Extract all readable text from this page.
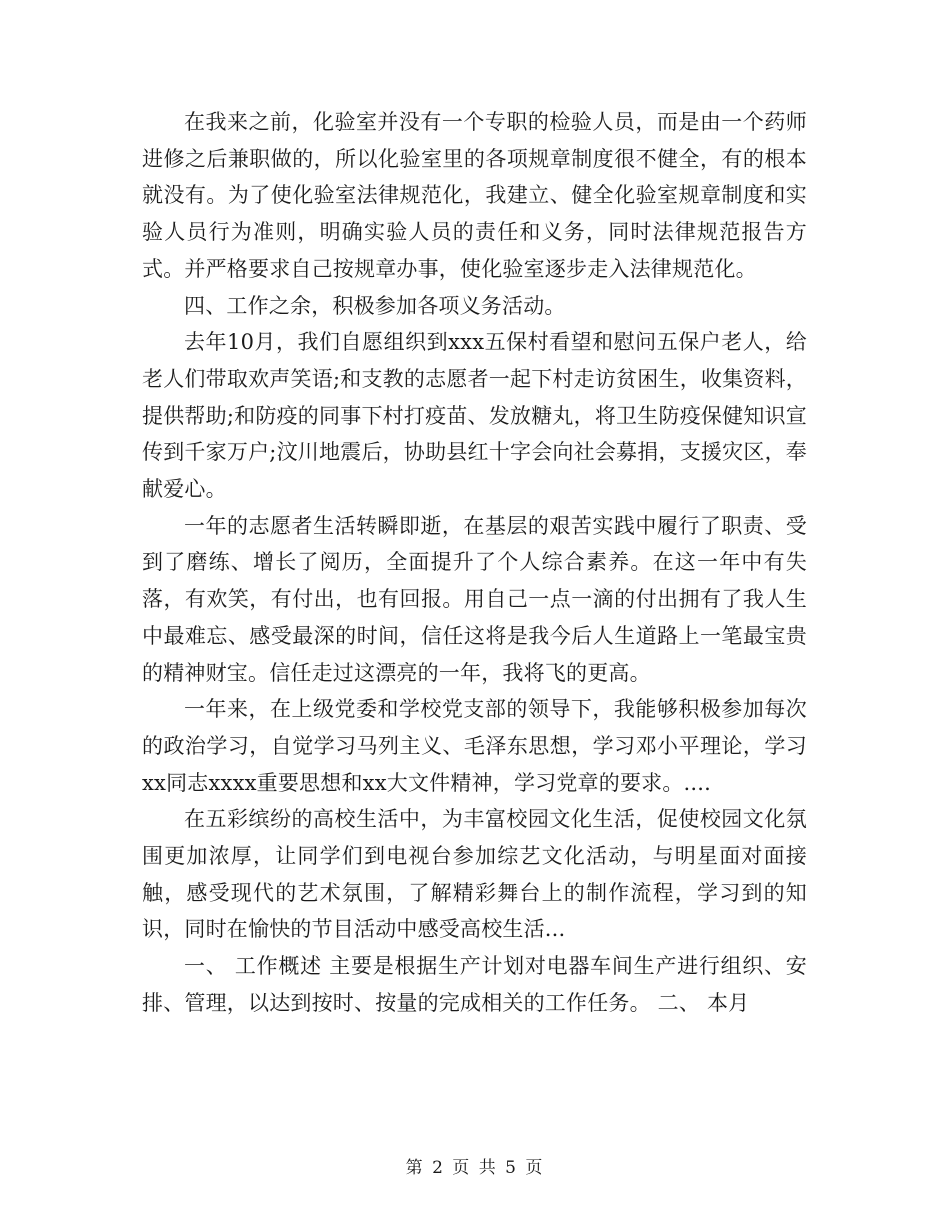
在我来之前，化验室并没有一个专职的检验人员，而是由一个药师进修之后兼职做的，所以化验室里的各项规章制度很不健全，有的根本就没有。为了使化验室法律规范化，我建立、健全化验室规章制度和实验人员行为准则，明确实验人员的责任和义务，同时法律规范报告方式。并严格要求自己按规章办事，使化验室逐步走入法律规范化。

四、工作之余，积极参加各项义务活动。

去年10月，我们自愿组织到xxx五保村看望和慰问五保户老人，给老人们带取欢声笑语;和支教的志愿者一起下村走访贫困生，收集资料，提供帮助;和防疫的同事下村打疫苗、发放糖丸，将卫生防疫保健知识宣传到千家万户;汶川地震后，协助县红十字会向社会募捐，支援灾区，奉献爱心。

一年的志愿者生活转瞬即逝，在基层的艰苦实践中履行了职责、受到了磨练、增长了阅历，全面提升了个人综合素养。在这一年中有失落，有欢笑，有付出，也有回报。用自己一点一滴的付出拥有了我人生中最难忘、感受最深的时间，信任这将是我今后人生道路上一笔最宝贵的精神财宝。信任走过这漂亮的一年，我将飞的更高。

一年来，在上级党委和学校党支部的领导下，我能够积极参加每次的政治学习，自觉学习马列主义、毛泽东思想，学习邓小平理论，学习xx同志xxxx重要思想和xx大文件精神，学习党章的要求。....

在五彩缤纷的高校生活中，为丰富校园文化生活，促使校园文化氛围更加浓厚，让同学们到电视台参加综艺文化活动，与明星面对面接触，感受现代的艺术氛围，了解精彩舞台上的制作流程，学习到的知识，同时在愉快的节目活动中感受高校生活...

一、 工作概述 主要是根据生产计划对电器车间生产进行组织、安排、管理，以达到按时、按量的完成相关的工作任务。 二、 本月

第 2 页 共 5 页
